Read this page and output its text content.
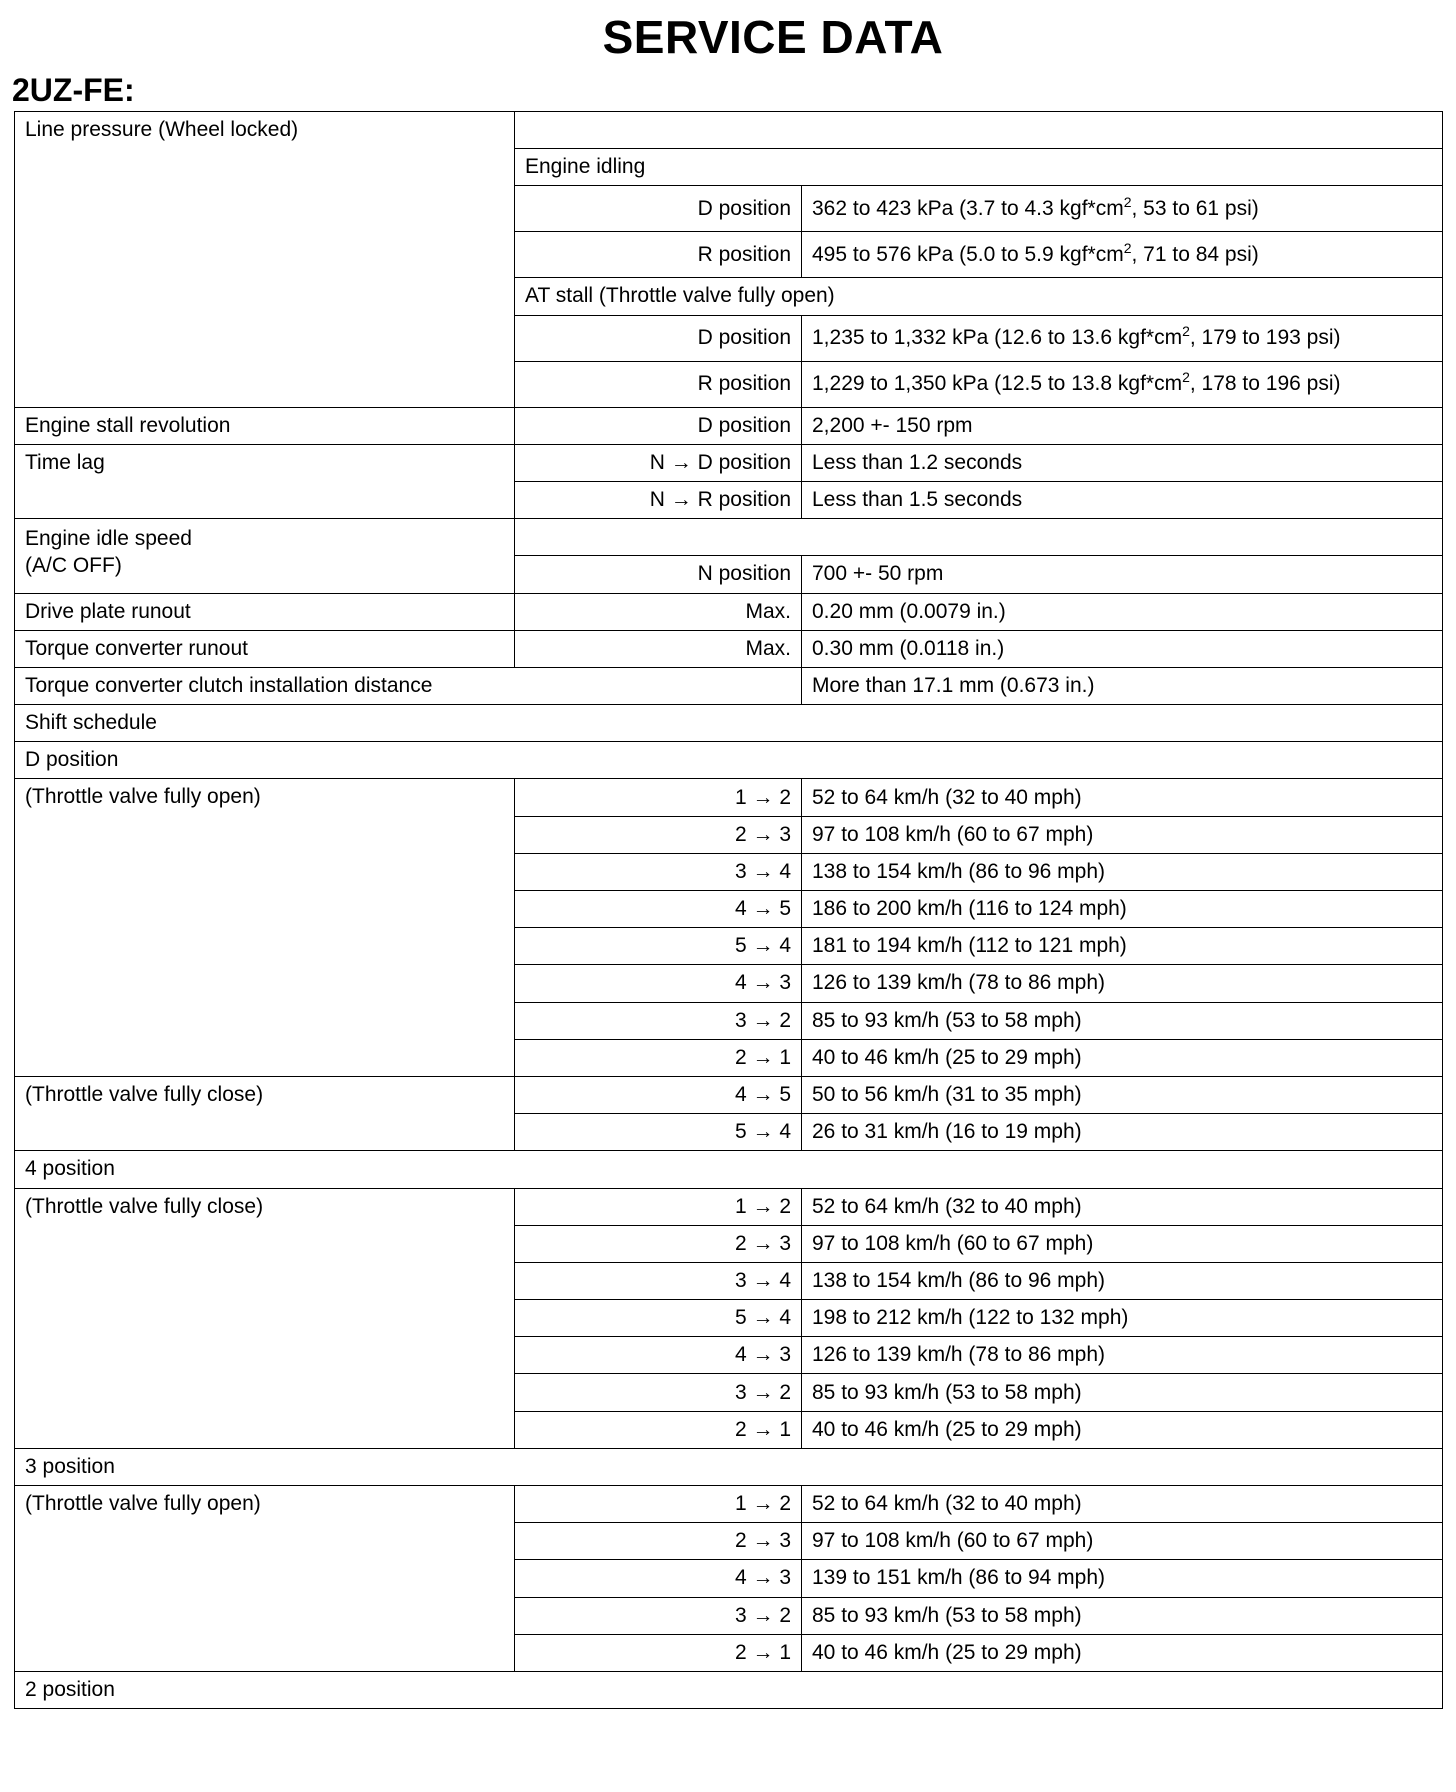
SERVICE DATA
2UZ-FE:
Line pressure (Wheel locked)		
	Engine idling	
	D position	362 to 423 kPa (3.7 to 4.3 $kgf*cm^2$, 53 to 61 psi)
	R position	495 to 576 kPa (5.0 to 5.9 $kgf*cm^2$, 71 to 84 psi)
	AT stall (Throttle valve fully open)	
	D position	1,235 to 1,332 kPa (12.6 to 13.6 $kgf*cm^2$, 179 to 193 psi)
	R position	1,229 to 1,350 kPa (12.5 to 13.8 $kgf*cm^2$, 178 to 196 psi)
Engine stall revolution	D position	2,200 +- 150 rpm
Time lag	N → D position	Less than 1.2 seconds
	N → R position	Less than 1.5 seconds
Engine idle speed
(A/C OFF)		
	N position	700 +- 50 rpm
Drive plate runout	Max.	0.20 mm (0.0079 in.)
Torque converter runout	Max.	0.30 mm (0.0118 in.)
Torque converter clutch installation distance		More than 17.1 mm (0.673 in.)
Shift schedule		
D position		
(Throttle valve fully open)	1 → 2	52 to 64 km/h (32 to 40 mph)
	2 → 3	97 to 108 km/h (60 to 67 mph)
	3 → 4	138 to 154 km/h (86 to 96 mph)
	4 → 5	186 to 200 km/h (116 to 124 mph)
	5 → 4	181 to 194 km/h (112 to 121 mph)
	4 → 3	126 to 139 km/h (78 to 86 mph)
	3 → 2	85 to 93 km/h (53 to 58 mph)
	2 → 1	40 to 46 km/h (25 to 29 mph)
(Throttle valve fully close)	4 → 5	50 to 56 km/h (31 to 35 mph)
	5 → 4	26 to 31 km/h (16 to 19 mph)
4 position		
(Throttle valve fully close)	1 → 2	52 to 64 km/h (32 to 40 mph)
	2 → 3	97 to 108 km/h (60 to 67 mph)
	3 → 4	138 to 154 km/h (86 to 96 mph)
	5 → 4	198 to 212 km/h (122 to 132 mph)
	4 → 3	126 to 139 km/h (78 to 86 mph)
	3 → 2	85 to 93 km/h (53 to 58 mph)
	2 → 1	40 to 46 km/h (25 to 29 mph)
3 position		
(Throttle valve fully open)	1 → 2	52 to 64 km/h (32 to 40 mph)
	2 → 3	97 to 108 km/h (60 to 67 mph)
	4 → 3	139 to 151 km/h (86 to 94 mph)
	3 → 2	85 to 93 km/h (53 to 58 mph)
	2 → 1	40 to 46 km/h (25 to 29 mph)
2 position		
